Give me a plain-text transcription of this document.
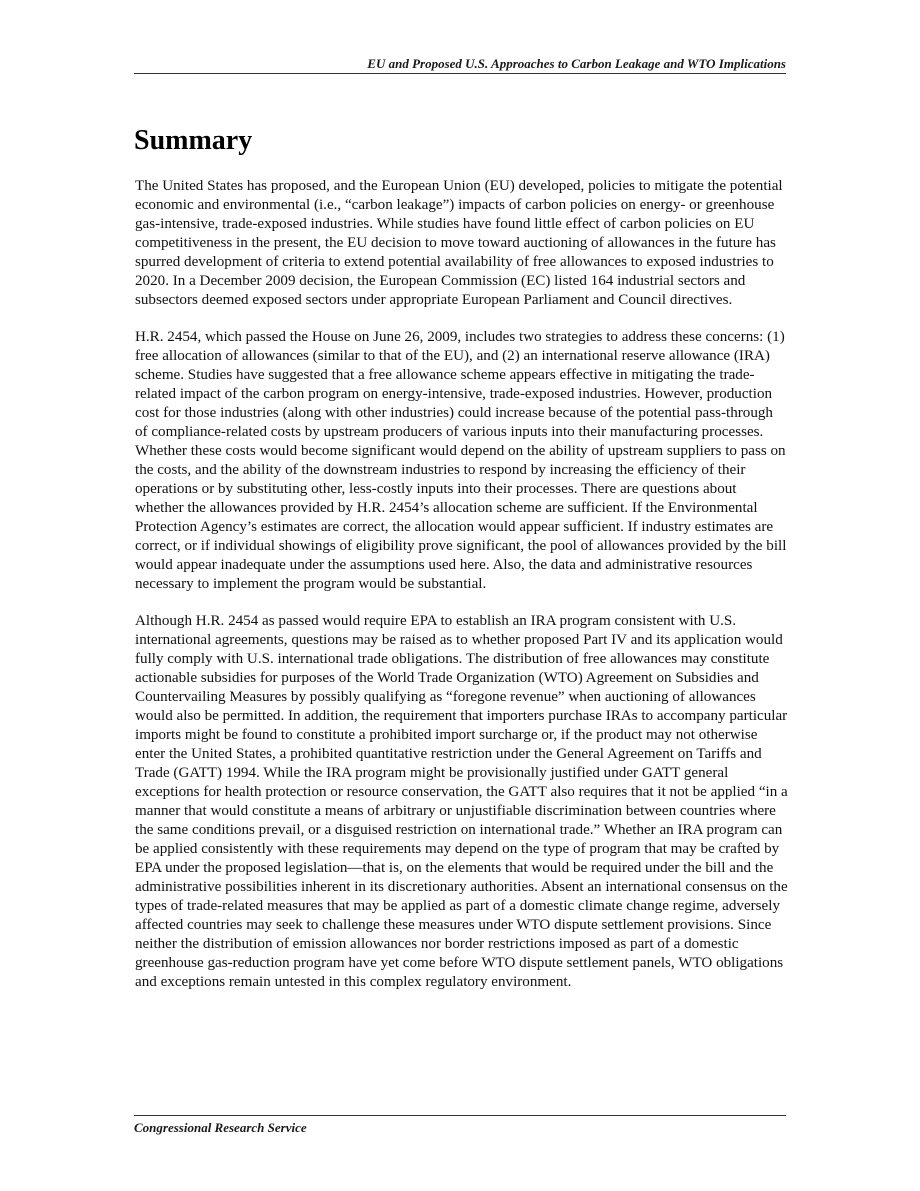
EU and Proposed U.S. Approaches to Carbon Leakage and WTO Implications
Summary

The United States has proposed, and the European Union (EU) developed, policies to mitigate the potential economic and environmental (i.e., “carbon leakage”) impacts of carbon policies on energy- or greenhouse gas-intensive, trade-exposed industries. While studies have found little effect of carbon policies on EU competitiveness in the present, the EU decision to move toward auctioning of allowances in the future has spurred development of criteria to extend potential availability of free allowances to exposed industries to 2020. In a December 2009 decision, the European Commission (EC) listed 164 industrial sectors and subsectors deemed exposed sectors under appropriate European Parliament and Council directives.

H.R. 2454, which passed the House on June 26, 2009, includes two strategies to address these concerns: (1) free allocation of allowances (similar to that of the EU), and (2) an international reserve allowance (IRA) scheme. Studies have suggested that a free allowance scheme appears effective in mitigating the trade-related impact of the carbon program on energy-intensive, trade-exposed industries. However, production cost for those industries (along with other industries) could increase because of the potential pass-through of compliance-related costs by upstream producers of various inputs into their manufacturing processes. Whether these costs would become significant would depend on the ability of upstream suppliers to pass on the costs, and the ability of the downstream industries to respond by increasing the efficiency of their operations or by substituting other, less-costly inputs into their processes. There are questions about whether the allowances provided by H.R. 2454’s allocation scheme are sufficient. If the Environmental Protection Agency’s estimates are correct, the allocation would appear sufficient. If industry estimates are correct, or if individual showings of eligibility prove significant, the pool of allowances provided by the bill would appear inadequate under the assumptions used here. Also, the data and administrative resources necessary to implement the program would be substantial.

Although H.R. 2454 as passed would require EPA to establish an IRA program consistent with U.S. international agreements, questions may be raised as to whether proposed Part IV and its application would fully comply with U.S. international trade obligations. The distribution of free allowances may constitute actionable subsidies for purposes of the World Trade Organization (WTO) Agreement on Subsidies and Countervailing Measures by possibly qualifying as “foregone revenue” when auctioning of allowances would also be permitted. In addition, the requirement that importers purchase IRAs to accompany particular imports might be found to constitute a prohibited import surcharge or, if the product may not otherwise enter the United States, a prohibited quantitative restriction under the General Agreement on Tariffs and Trade (GATT) 1994. While the IRA program might be provisionally justified under GATT general exceptions for health protection or resource conservation, the GATT also requires that it not be applied “in a manner that would constitute a means of arbitrary or unjustifiable discrimination between countries where the same conditions prevail, or a disguised restriction on international trade.” Whether an IRA program can be applied consistently with these requirements may depend on the type of program that may be crafted by EPA under the proposed legislation—that is, on the elements that would be required under the bill and the administrative possibilities inherent in its discretionary authorities. Absent an international consensus on the types of trade-related measures that may be applied as part of a domestic climate change regime, adversely affected countries may seek to challenge these measures under WTO dispute settlement provisions. Since neither the distribution of emission allowances nor border restrictions imposed as part of a domestic greenhouse gas-reduction program have yet come before WTO dispute settlement panels, WTO obligations and exceptions remain untested in this complex regulatory environment.

Congressional Research Service
